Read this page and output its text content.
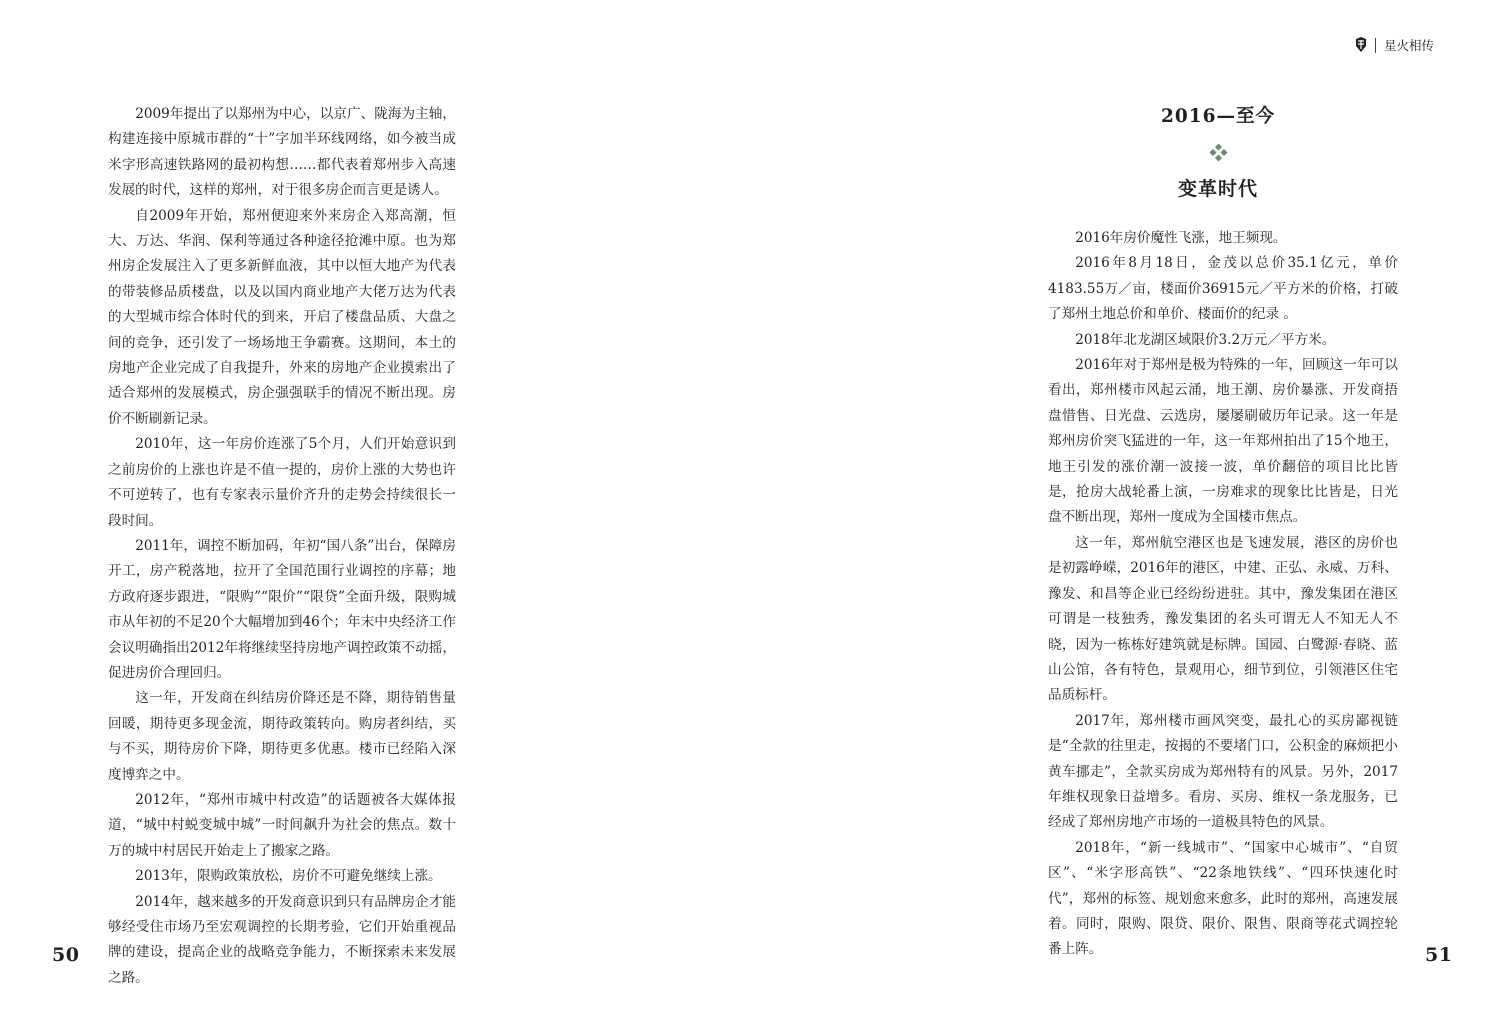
2009年提出了以郑州为中心，以京广、陇海为主轴，构建连接中原城市群的“十”字加半环线网络，如今被当成米字形高速铁路网的最初构想……都代表着郑州步入高速发展的时代，这样的郑州，对于很多房企而言更是诱人。

自2009年开始，郑州便迎来外来房企入郑高潮，恒大、万达、华润、保利等通过各种途径抢滩中原。也为郑州房企发展注入了更多新鲜血液，其中以恒大地产为代表的带装修品质楼盘，以及以国内商业地产大佬万达为代表的大型城市综合体时代的到来，开启了楼盘品质、大盘之间的竞争，还引发了一场场地王争霸赛。这期间，本土的房地产企业完成了自我提升，外来的房地产企业摸索出了适合郑州的发展模式，房企强强联手的情况不断出现。房价不断刷新记录。

2010年，这一年房价连涨了5个月，人们开始意识到之前房价的上涨也许是不值一提的，房价上涨的大势也许不可逆转了，也有专家表示量价齐升的走势会持续很长一段时间。

2011年，调控不断加码，年初“国八条”出台，保障房开工，房产税落地，拉开了全国范围行业调控的序幕；地方政府逐步跟进，“限购”“限价”“限贷”全面升级，限购城市从年初的不足20个大幅增加到46个；年末中央经济工作会议明确指出2012年将继续坚持房地产调控政策不动摇，促进房价合理回归。

这一年，开发商在纠结房价降还是不降，期待销售量回暖，期待更多现金流，期待政策转向。购房者纠结，买与不买，期待房价下降，期待更多优惠。楼市已经陷入深度博弈之中。

2012年，“郑州市城中村改造”的话题被各大媒体报道，“城中村蜕变城中城”一时间飙升为社会的焦点。数十万的城中村居民开始走上了搬家之路。

2013年，限购政策放松，房价不可避免继续上涨。

2014年，越来越多的开发商意识到只有品牌房企才能够经受住市场乃至宏观调控的长期考验，它们开始重视品牌的建设，提高企业的战略竞争能力，不断探索未来发展之路。

50
星火相传
2016—至今
变革时代

2016年房价魔性飞涨，地王频现。

2016年8月18日，金茂以总价35.1亿元，单价4183.55万／亩，楼面价36915元／平方米的价格，打破了郑州土地总价和单价、楼面价的纪录 。

2018年北龙湖区域限价3.2万元／平方米。

2016年对于郑州是极为特殊的一年，回顾这一年可以看出，郑州楼市风起云涌，地王潮、房价暴涨、开发商捂盘惜售、日光盘、云选房，屡屡刷破历年记录。这一年是郑州房价突飞猛进的一年，这一年郑州拍出了15个地王，地王引发的涨价潮一波接一波，单价翻倍的项目比比皆是，抢房大战轮番上演，一房难求的现象比比皆是，日光盘不断出现，郑州一度成为全国楼市焦点。

这一年，郑州航空港区也是飞速发展，港区的房价也是初露峥嵘，2016年的港区，中建、正弘、永威、万科、豫发、和昌等企业已经纷纷进驻。其中，豫发集团在港区可谓是一枝独秀，豫发集团的名头可谓无人不知无人不晓，因为一栋栋好建筑就是标牌。国园、白鹭源·春晓、蓝山公馆，各有特色，景观用心，细节到位，引领港区住宅品质标杆。

2017年，郑州楼市画风突变，最扎心的买房鄙视链是“全款的往里走，按揭的不要堵门口，公积金的麻烦把小黄车挪走”，全款买房成为郑州特有的风景。另外，2017年维权现象日益增多。看房、买房、维权一条龙服务，已经成了郑州房地产市场的一道极具特色的风景。

2018年，“新一线城市”、“国家中心城市”、“自贸区”、“米字形高铁”、“22条地铁线”、“四环快速化时代”，郑州的标签、规划愈来愈多，此时的郑州，高速发展着。同时，限购、限贷、限价、限售、限商等花式调控轮番上阵。	51
